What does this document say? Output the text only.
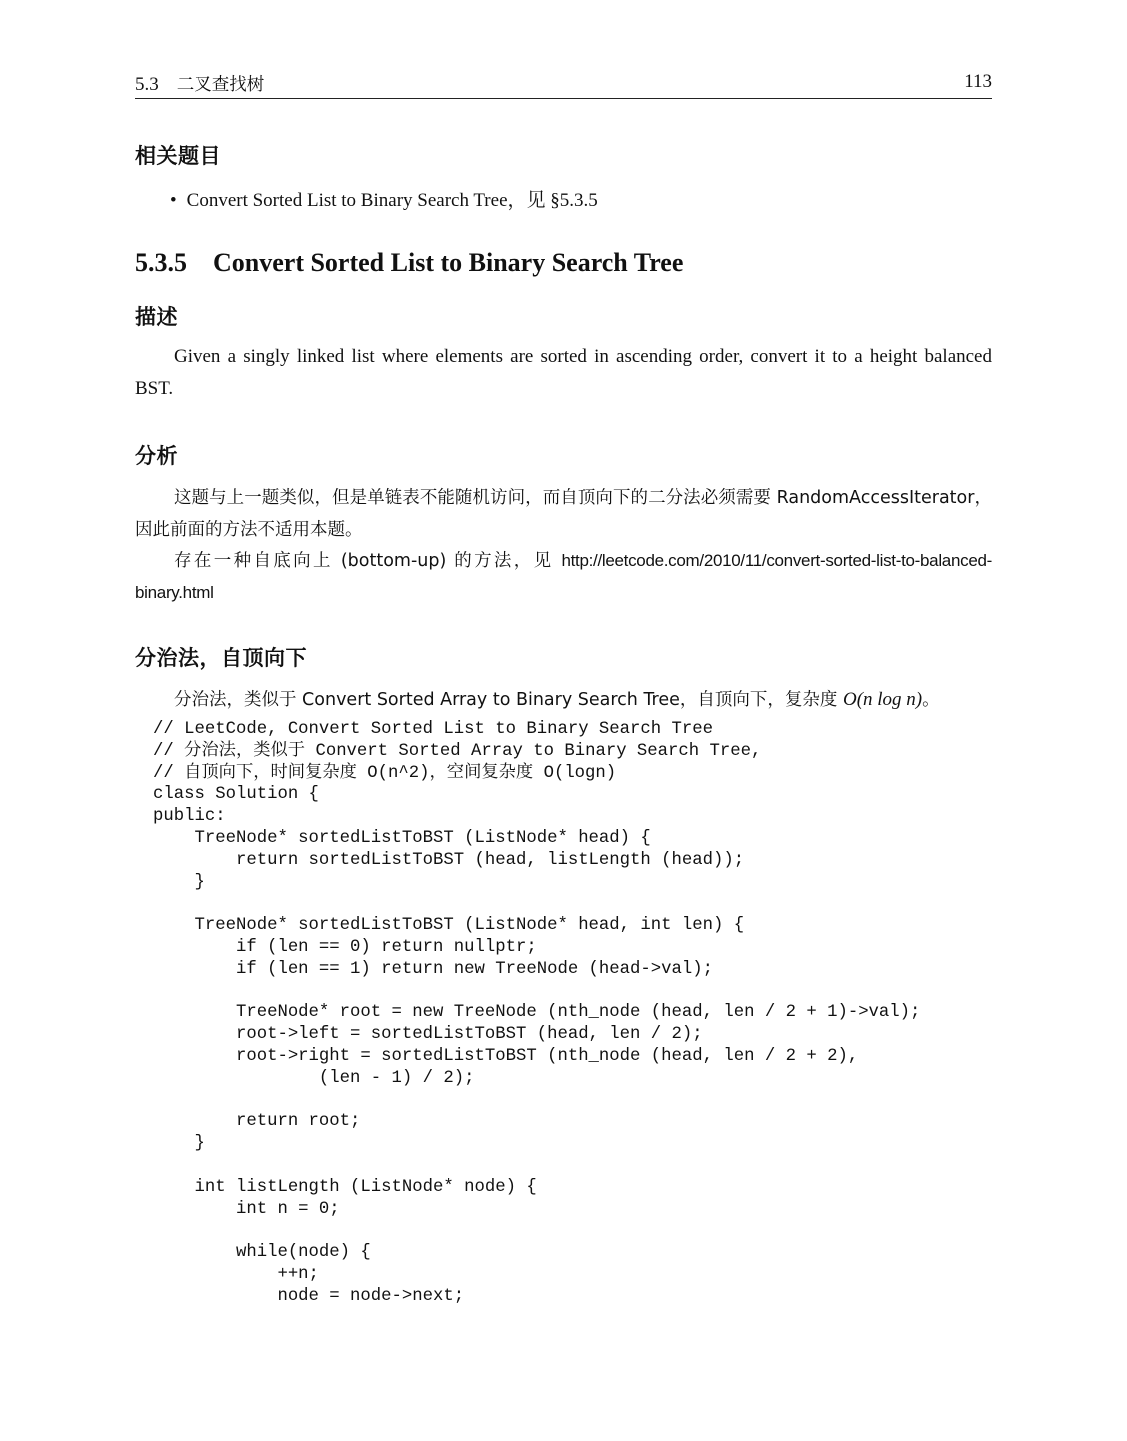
5.3 二叉查找树	113
相关题目
• Convert Sorted List to Binary Search Tree，见 §5.3.5
5.3.5 Convert Sorted List to Binary Search Tree
描述
Given a singly linked list where elements are sorted in ascending order, convert it to a height balanced BST.
分析
这题与上一题类似，但是单链表不能随机访问，而自顶向下的二分法必须需要 RandomAccessIterator，因此前面的方法不适用本题。
存在一种自底向上 (bottom-up) 的方法，见 http://leetcode.com/2010/11/convert-sorted-list-to-balanced-binary.html
分治法，自顶向下
分治法，类似于 Convert Sorted Array to Binary Search Tree，自顶向下，复杂度 O(n log n)。
// LeetCode, Convert Sorted List to Binary Search Tree
// 分治法，类似于 Convert Sorted Array to Binary Search Tree,
// 自顶向下，时间复杂度 O(n^2)，空间复杂度 O(logn)
class Solution {
public:
TreeNode* sortedListToBST (ListNode* head) {
return sortedListToBST (head, listLength (head));
}
TreeNode* sortedListToBST (ListNode* head, int len) {
if (len == 0) return nullptr;
if (len == 1) return new TreeNode (head->val);
TreeNode* root = new TreeNode (nth_node (head, len / 2 + 1)->val);
root->left = sortedListToBST (head, len / 2);
root->right = sortedListToBST (nth_node (head, len / 2 + 2),
(len - 1) / 2);
return root;
}
int listLength (ListNode* node) {
int n = 0;
while(node) {
++n;
node = node->next;
